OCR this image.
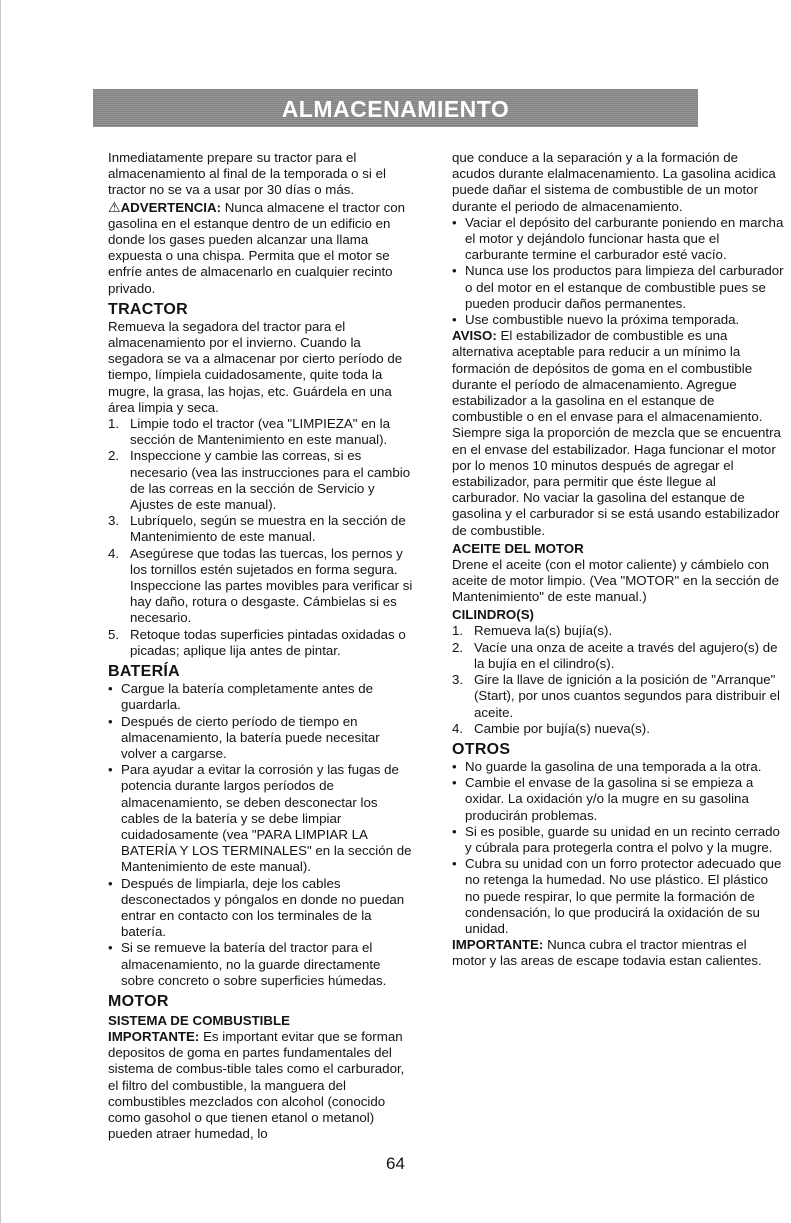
ALMACENAMIENTO

Inmediatamente prepare su tractor para el almacenamiento al final de la temporada o si el tractor no se va a usar por 30 días o más.

⚠ADVERTENCIA: Nunca almacene el tractor con gasolina en el estanque dentro de un edificio en donde los gases pueden alcanzar una llama expuesta o una chispa. Permita que el motor se enfríe antes de almacenarlo en cualquier recinto privado.

TRACTOR

Remueva la segadora del tractor para el almacenamiento por el invierno. Cuando la segadora se va a almacenar por cierto período de tiempo, límpiela cuidadosamente, quite toda la mugre, la grasa, las hojas, etc. Guárdela en una área limpia y seca.

1. Limpie todo el tractor (vea "LIMPIEZA" en la sección de Mantenimiento en este manual).
2. Inspeccione y cambie las correas, si es necesario (vea las instrucciones para el cambio de las correas en la sección de Servicio y Ajustes de este manual).
3. Lubríquelo, según se muestra en la sección de Mantenimiento de este manual.
4. Asegúrese que todas las tuercas, los pernos y los tornillos estén sujetados en forma segura. Inspeccione las partes movibles para verificar si hay daño, rotura o desgaste. Cámbielas si es necesario.
5. Retoque todas superficies pintadas oxidadas o picadas; aplique lija antes de pintar.
BATERÍA
• Cargue la batería completamente antes de guardarla.
• Después de cierto período de tiempo en almacenamiento, la batería puede necesitar volver a cargarse.
• Para ayudar a evitar la corrosión y las fugas de potencia durante largos períodos de almacenamiento, se deben desconectar los cables de la batería y se debe limpiar cuidadosamente (vea "PARA LIMPIAR LA BATERÍA Y LOS TERMINALES" en la sección de Mantenimiento de este manual).
• Después de limpiarla, deje los cables desconectados y póngalos en donde no puedan entrar en contacto con los terminales de la batería.
• Si se remueve la batería del tractor para el almacenamiento, no la guarde directamente sobre concreto o sobre superficies húmedas.
MOTOR
SISTEMA DE COMBUSTIBLE

IMPORTANTE: Es important evitar que se forman depositos de goma en partes fundamentales del sistema de combus-tible tales como el carburador, el filtro del combustible, la manguera del combustibles mezclados con alcohol (conocido como gasohol o que tienen etanol o metanol) pueden atraer humedad, lo

que conduce a la separación y a la formación de acudos durante elalmacenamiento. La gasolina acidica puede dañar el sistema de combustible de un motor durante el periodo de almacenamiento.

• Vaciar el depósito del carburante poniendo en marcha el motor y dejándolo funcionar hasta que el carburante termine el carburador esté vacío.
• Nunca use los productos para limpieza del carburador o del motor en el estanque de combustible pues se pueden producir daños permanentes.
• Use combustible nuevo la próxima temporada.

AVISO: El estabilizador de combustible es una alternativa aceptable para reducir a un mínimo la formación de depósitos de goma en el combustible durante el período de almacenamiento. Agregue estabilizador a la gasolina en el estanque de combustible o en el envase para el almacenamiento. Siempre siga la proporción de mezcla que se encuentra en el envase del estabilizador. Haga funcionar el motor por lo menos 10 minutos después de agregar el estabilizador, para permitir que éste llegue al carburador. No vaciar la gasolina del estanque de gasolina y el carburador si se está usando estabilizador de combustible.

ACEITE DEL MOTOR

Drene el aceite (con el motor caliente) y cámbielo con aceite de motor limpio. (Vea "MOTOR" en la sección de Mantenimiento" de este manual.)

CILINDRO(S)
1. Remueva la(s) bujía(s).
2. Vacíe una onza de aceite a través del agujero(s) de la bujía en el cilindro(s).
3. Gire la llave de ignición a la posición de "Arranque" (Start), por unos cuantos segundos para distribuir el aceite.
4. Cambie por bujía(s) nueva(s).
OTROS
• No guarde la gasolina de una temporada a la otra.
• Cambie el envase de la gasolina si se empieza a oxidar. La oxidación y/o la mugre en su gasolina producirán problemas.
• Si es posible, guarde su unidad en un recinto cerrado y cúbrala para protegerla contra el polvo y la mugre.
• Cubra su unidad con un forro protector adecuado que no retenga la humedad. No use plástico. El plástico no puede respirar, lo que permite la formación de condensación, lo que producirá la oxidación de su unidad.

IMPORTANTE: Nunca cubra el tractor mientras el motor y las areas de escape todavia estan calientes.

64
